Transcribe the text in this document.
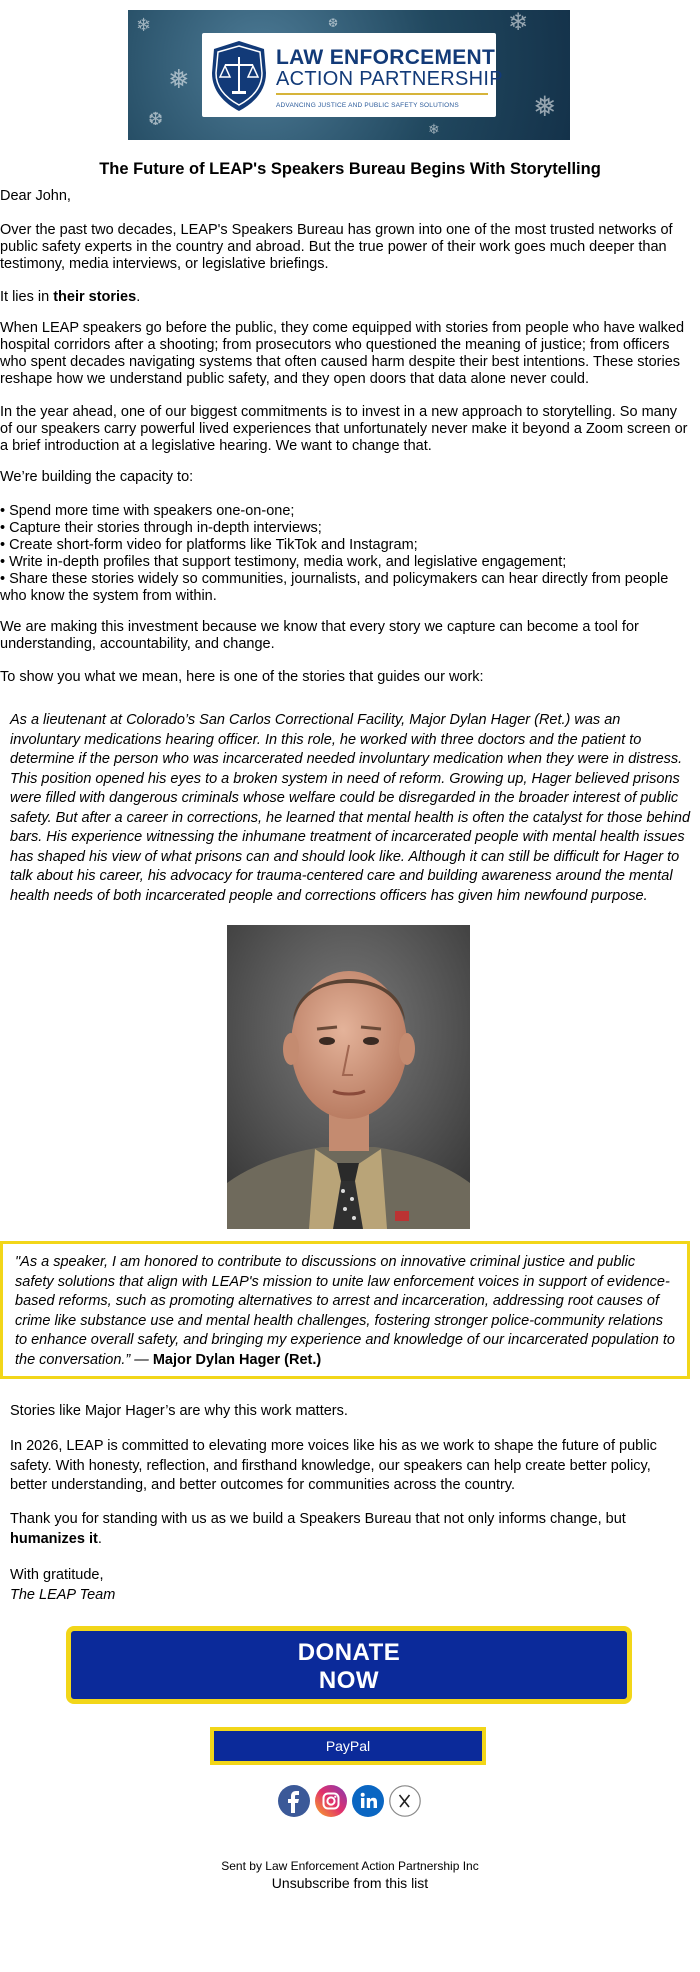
❄
❅
❆
❄
❅
❆
❄
LAW ENFORCEMENT
ACTION PARTNERSHIP
ADVANCING JUSTICE AND PUBLIC SAFETY SOLUTIONS
The Future of LEAP's Speakers Bureau Begins With Storytelling

Dear John,

Over the past two decades, LEAP's Speakers Bureau has grown into one of the most trusted networks of public safety experts in the country and abroad. But the true power of their work goes much deeper than testimony, media interviews, or legislative briefings.

It lies in their stories.

When LEAP speakers go before the public, they come equipped with stories from people who have walked hospital corridors after a shooting; from prosecutors who questioned the meaning of justice; from officers who spent decades navigating systems that often caused harm despite their best intentions. These stories reshape how we understand public safety, and they open doors that data alone never could.

In the year ahead, one of our biggest commitments is to invest in a new approach to storytelling. So many of our speakers carry powerful lived experiences that unfortunately never make it beyond a Zoom screen or a brief introduction at a legislative hearing. We want to change that.

We’re building the capacity to:

• Spend more time with speakers one-on-one;
• Capture their stories through in-depth interviews;
• Create short-form video for platforms like TikTok and Instagram;
• Write in-depth profiles that support testimony, media work, and legislative engagement;
• Share these stories widely so communities, journalists, and policymakers can hear directly from people who know the system from within.

We are making this investment because we know that every story we capture can become a tool for understanding, accountability, and change.

To show you what we mean, here is one of the stories that guides our work:

As a lieutenant at Colorado’s San Carlos Correctional Facility, Major Dylan Hager (Ret.) was an involuntary medications hearing officer. In this role, he worked with three doctors and the patient to determine if the person who was incarcerated needed involuntary medication when they were in distress. This position opened his eyes to a broken system in need of reform. Growing up, Hager believed prisons were filled with dangerous criminals whose welfare could be disregarded in the broader interest of public safety. But after a career in corrections, he learned that mental health is often the catalyst for those behind bars. His experience witnessing the inhumane treatment of incarcerated people with mental health issues has shaped his view of what prisons can and should look like. Although it can still be difficult for Hager to talk about his career, his advocacy for trauma-centered care and building awareness around the mental health needs of both incarcerated people and corrections officers has given him newfound purpose.

"As a speaker, I am honored to contribute to discussions on innovative criminal justice and public safety solutions that align with LEAP's mission to unite law enforcement voices in support of evidence-based reforms, such as promoting alternatives to arrest and incarceration, addressing root causes of crime like substance use and mental health challenges, fostering stronger police-community relations to enhance overall safety, and bringing my experience and knowledge of our incarcerated population to the conversation.” — Major Dylan Hager (Ret.)

Stories like Major Hager’s are why this work matters.

In 2026, LEAP is committed to elevating more voices like his as we work to shape the future of public safety. With honesty, reflection, and firsthand knowledge, our speakers can help create better policy, better understanding, and better outcomes for communities across the country.

Thank you for standing with us as we build a Speakers Bureau that not only informs change, but humanizes it.

With gratitude,

The LEAP Team

DONATE
NOW
PayPal
Sent by Law Enforcement Action Partnership Inc
Unsubscribe from this list
